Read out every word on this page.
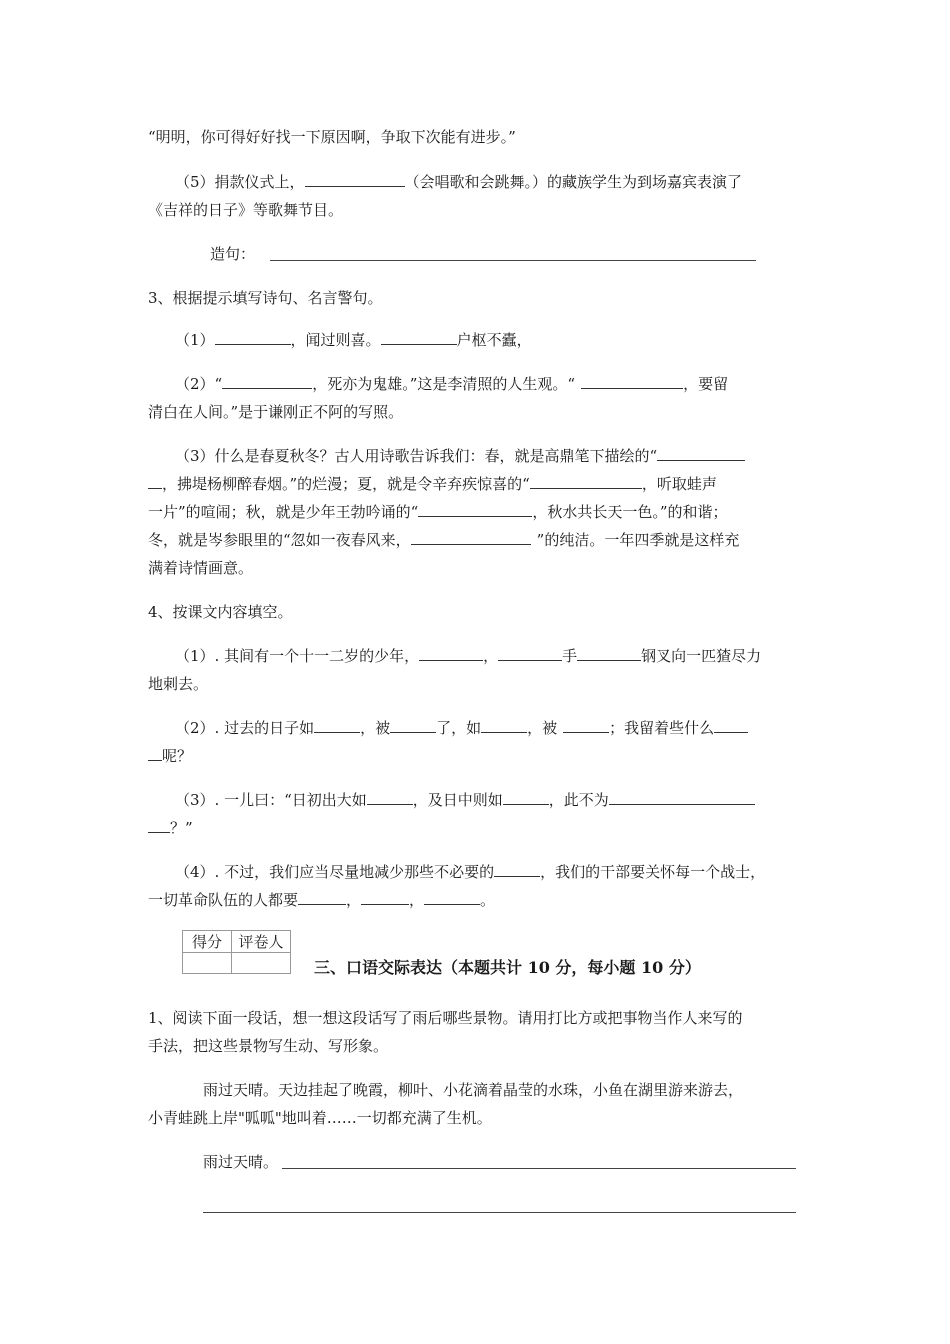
“明明，你可得好好找一下原因啊，争取下次能有进步。”
（5）捐款仪式上，	（会唱歌和会跳舞。）的藏族学生为到场嘉宾表演了
《吉祥的日子》等歌舞节目。
造句：
3、根据提示填写诗句、名言警句。
（1）	，闻过则喜。	户枢不蠹，
（2）“	，死亦为鬼雄。”这是李清照的人生观。“	，要留
清白在人间。”是于谦刚正不阿的写照。
（3）什么是春夏秋冬？古人用诗歌告诉我们：春，就是高鼎笔下描绘的“
，拂堤杨柳醉春烟。”的烂漫；夏，就是令辛弃疾惊喜的“	，听取蛙声
一片”的喧闹；秋，就是少年王勃吟诵的“	，秋水共长天一色。”的和谐；
冬，就是岑参眼里的“忽如一夜春风来，	”的纯洁。一年四季就是这样充
满着诗情画意。
4、按课文内容填空。
（1）. 其间有一个十一二岁的少年，	，	手	钢叉向一匹猹尽力
地刺去。
（2）. 过去的日子如	，被	了，如	，被	；我留着些什么
呢？
（3）. 一儿曰：“日初出大如	，及日中则如	，此不为
？”
（4）. 不过，我们应当尽量地减少那些不必要的	，我们的干部要关怀每一个战士，
一切革命队伍的人都要	，	，	。
得分	评卷人

三、口语交际表达（本题共计 10 分，每小题 10 分）
1、阅读下面一段话，想一想这段话写了雨后哪些景物。请用打比方或把事物当作人来写的
手法，把这些景物写生动、写形象。
雨过天晴。天边挂起了晚霞，柳叶、小花滴着晶莹的水珠，小鱼在湖里游来游去，
小青蛙跳上岸"呱呱"地叫着……一切都充满了生机。
雨过天晴。
